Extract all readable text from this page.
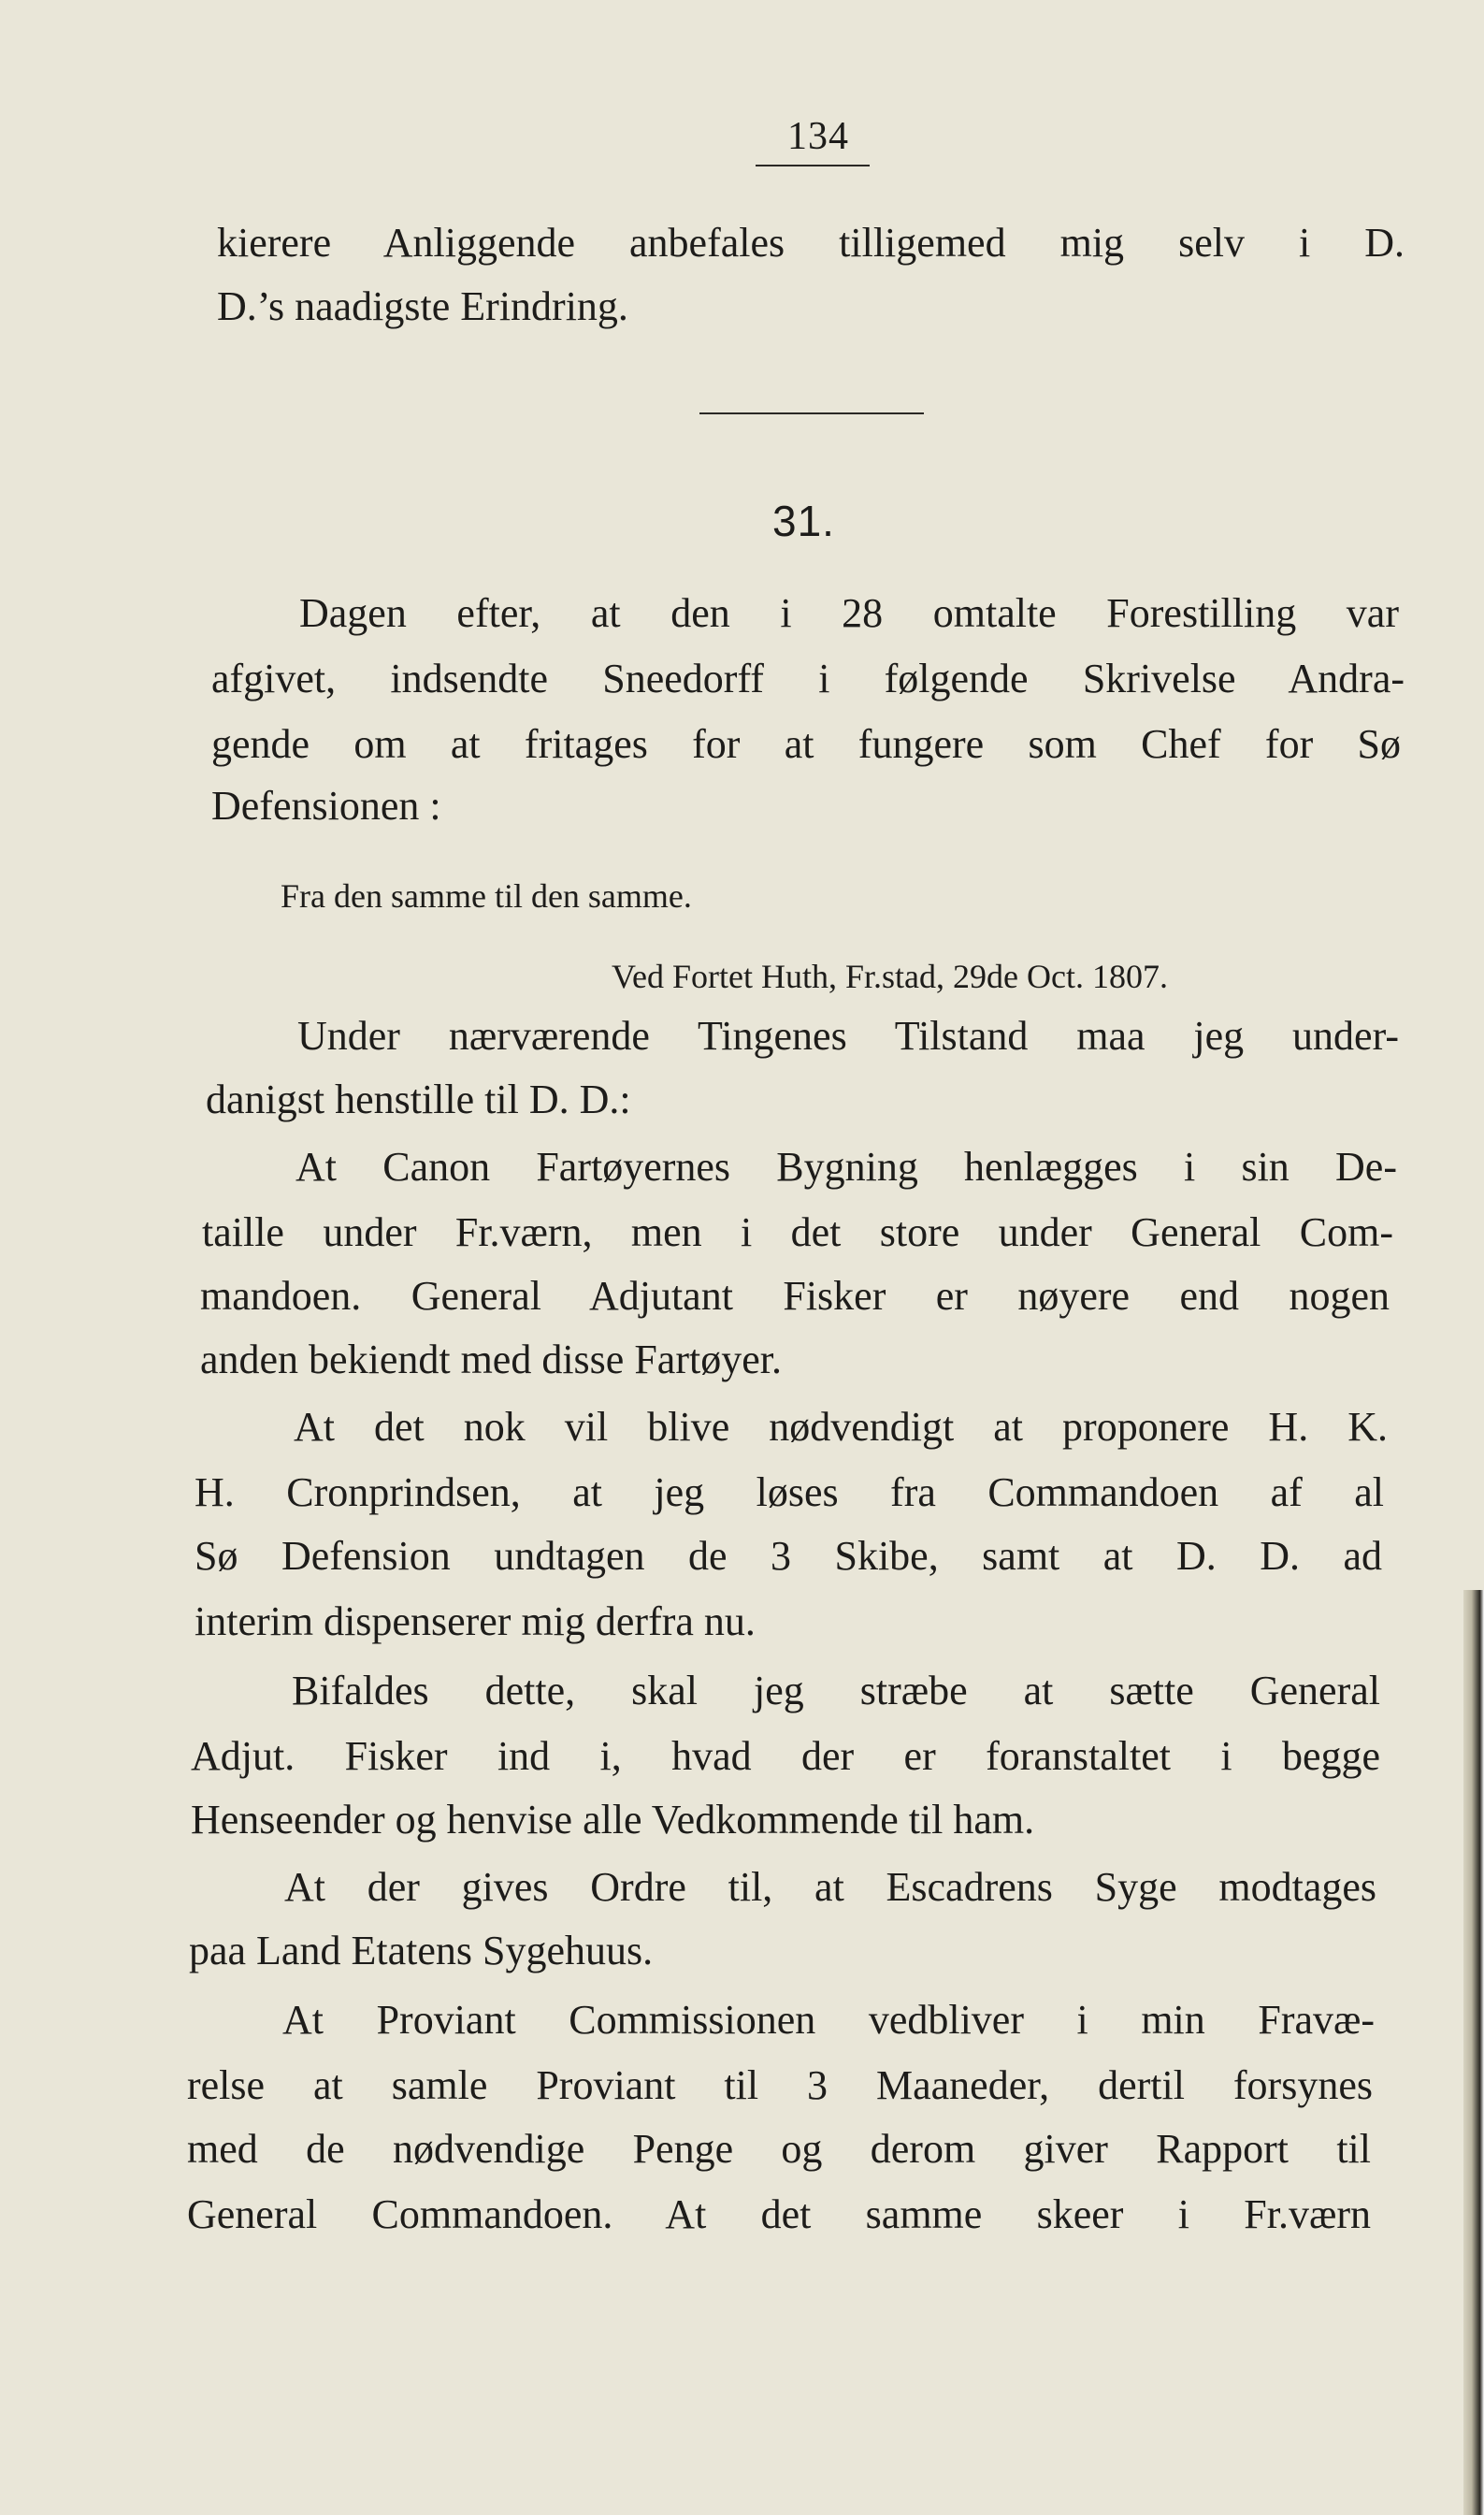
134
kierere Anliggende anbefales tilligemed mig selv i D.
D.’s naadigste Erindring.
31.
Dagen efter, at den i 28 omtalte Forestilling var
afgivet, indsendte Sneedorff i følgende Skrivelse Andra-
gende om at fritages for at fungere som Chef for Sø
Defensionen :
Fra den samme til den samme.
Ved Fortet Huth, Fr.stad, 29de Oct. 1807.
Under nærværende Tingenes Tilstand maa jeg under-
danigst henstille til D. D.:
At Canon Fartøyernes Bygning henlægges i sin De-
taille under Fr.værn, men i det store under General Com-
mandoen. General Adjutant Fisker er nøyere end nogen
anden bekiendt med disse Fartøyer.
At det nok vil blive nødvendigt at proponere H. K.
H. Cronprindsen, at jeg løses fra Commandoen af al
Sø Defension undtagen de 3 Skibe, samt at D. D. ad
interim dispenserer mig derfra nu.
Bifaldes dette, skal jeg stræbe at sætte General
Adjut. Fisker ind i, hvad der er foranstaltet i begge
Henseender og henvise alle Vedkommende til ham.
At der gives Ordre til, at Escadrens Syge modtages
paa Land Etatens Sygehuus.
At Proviant Commissionen vedbliver i min Fravæ-
relse at samle Proviant til 3 Maaneder, dertil forsynes
med de nødvendige Penge og derom giver Rapport til
General Commandoen. At det samme skeer i Fr.værn
